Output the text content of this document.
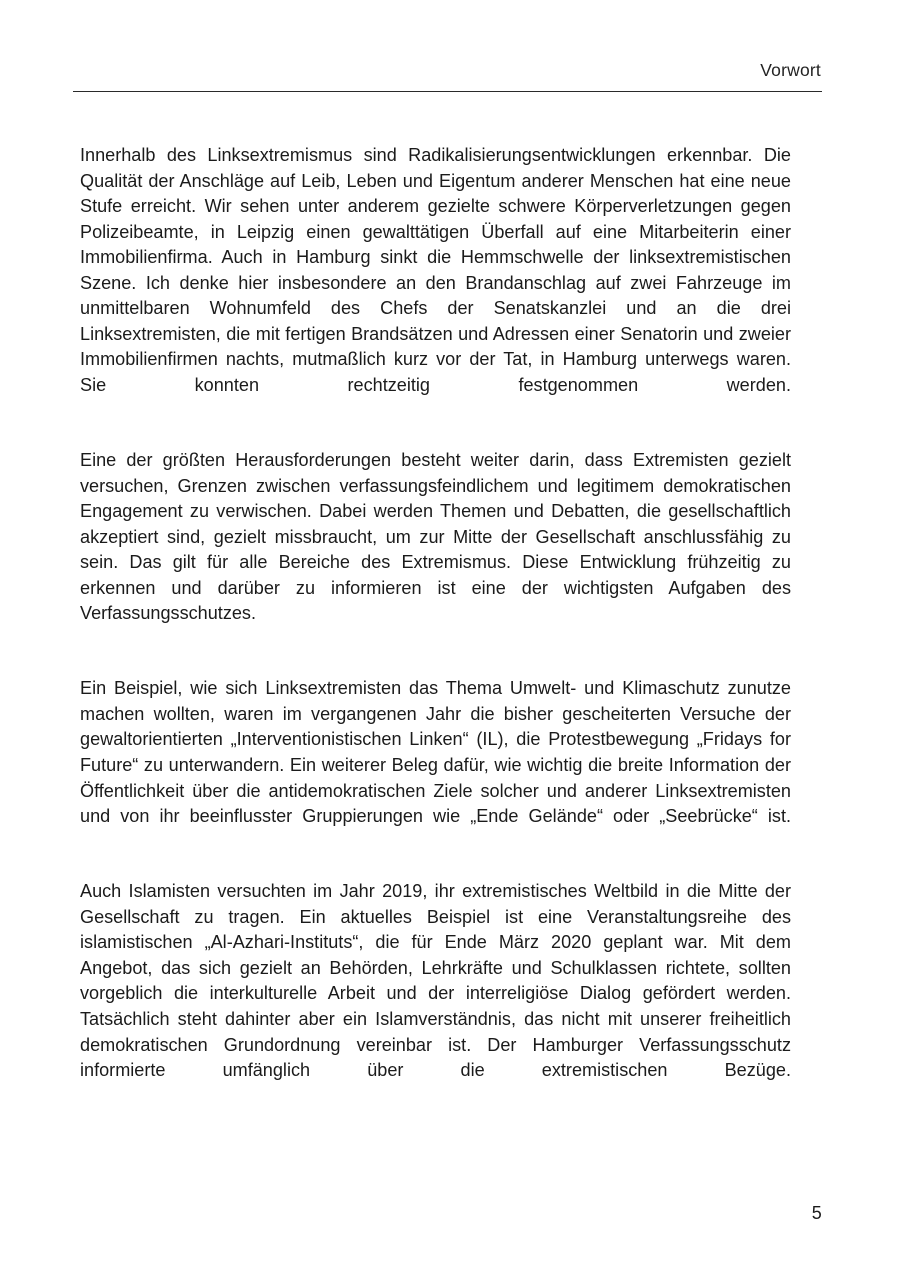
Vorwort

Innerhalb des Linksextremismus sind Radikalisierungsentwicklungen erkennbar. Die Qualität der Anschläge auf Leib, Leben und Eigentum anderer Menschen hat eine neue Stufe erreicht. Wir sehen unter anderem gezielte schwere Körperverletzungen gegen Polizeibeamte, in Leipzig einen gewalttätigen Überfall auf eine Mitarbeiterin einer Immobilienfirma. Auch in Hamburg sinkt die Hemmschwelle der linksextremistischen Szene. Ich denke hier insbesondere an den Brandanschlag auf zwei Fahrzeuge im unmittelbaren Wohnumfeld des Chefs der Senatskanzlei und an die drei Linksextremisten, die mit fertigen Brandsätzen und Adressen einer Senatorin und zweier Immobilienfirmen nachts, mutmaßlich kurz vor der Tat, in Hamburg unterwegs waren. Sie konnten rechtzeitig festgenommen werden.

Eine der größten Herausforderungen besteht weiter darin, dass Extremisten gezielt versuchen, Grenzen zwischen verfassungsfeindlichem und legitimem demokratischen Engagement zu verwischen. Dabei werden Themen und Debatten, die gesellschaftlich akzeptiert sind, gezielt missbraucht, um zur Mitte der Gesellschaft anschlussfähig zu sein. Das gilt für alle Bereiche des Extremismus. Diese Entwicklung frühzeitig zu erkennen und darüber zu informieren ist eine der wichtigsten Aufgaben des Verfassungsschutzes.

Ein Beispiel, wie sich Linksextremisten das Thema Umwelt- und Klimaschutz zunutze machen wollten, waren im vergangenen Jahr die bisher gescheiterten Versuche der gewaltorientierten „Interventionistischen Linken“ (IL), die Protestbewegung „Fridays for Future“ zu unterwandern. Ein weiterer Beleg dafür, wie wichtig die breite Information der Öffentlichkeit über die antidemokratischen Ziele solcher und anderer Linksextremisten und von ihr beeinflusster Gruppierungen wie „Ende Gelände“ oder „Seebrücke“ ist.

Auch Islamisten versuchten im Jahr 2019, ihr extremistisches Weltbild in die Mitte der Gesellschaft zu tragen. Ein aktuelles Beispiel ist eine Veranstaltungsreihe des islamistischen „Al-Azhari-Instituts“, die für Ende März 2020 geplant war. Mit dem Angebot, das sich gezielt an Behörden, Lehrkräfte und Schulklassen richtete, sollten vorgeblich die interkulturelle Arbeit und der interreligiöse Dialog gefördert werden. Tatsächlich steht dahinter aber ein Islamverständnis, das nicht mit unserer freiheitlich demokratischen Grundordnung vereinbar ist. Der Hamburger Verfassungsschutz informierte umfänglich über die extremistischen Bezüge.

5
